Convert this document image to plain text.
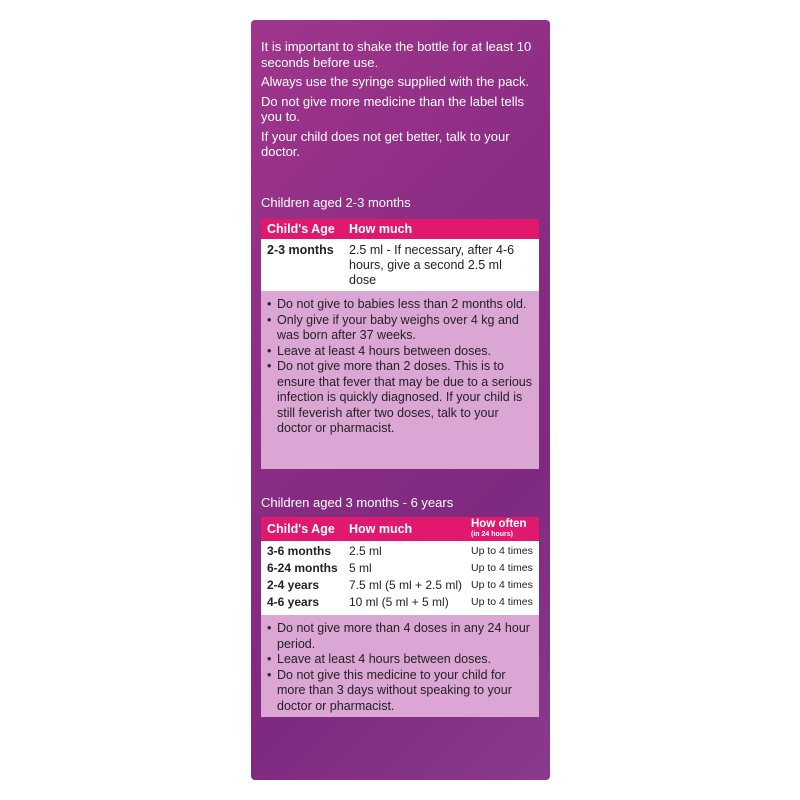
It is important to shake the bottle for at least 10 seconds before use.

Always use the syringe supplied with the pack.

Do not give more medicine than the label tells you to.

If your child does not get better, talk to your doctor.

Children aged 2-3 months
Child's Age How much
2-3 months 2.5 ml - If necessary, after 4-6 hours, give a second 2.5 ml dose
• Do not give to babies less than 2 months old.
• Only give if your baby weighs over 4 kg and was born after 37 weeks.
• Leave at least 4 hours between doses.
• Do not give more than 2 doses. This is to ensure that fever that may be due to a serious infection is quickly diagnosed. If your child is still feverish after two doses, talk to your doctor or pharmacist.
Children aged 3 months - 6 years
Child's Age How much	How often
(in 24 hours)
3-6 months 2.5 ml	Up to 4 times
6-24 months 5 ml	Up to 4 times
2-4 years 7.5 ml (5 ml + 2.5 ml) Up to 4 times
4-6 years 10 ml (5 ml + 5 ml) Up to 4 times
• Do not give more than 4 doses in any 24 hour period.
• Leave at least 4 hours between doses.
• Do not give this medicine to your child for more than 3 days without speaking to your doctor or pharmacist.
